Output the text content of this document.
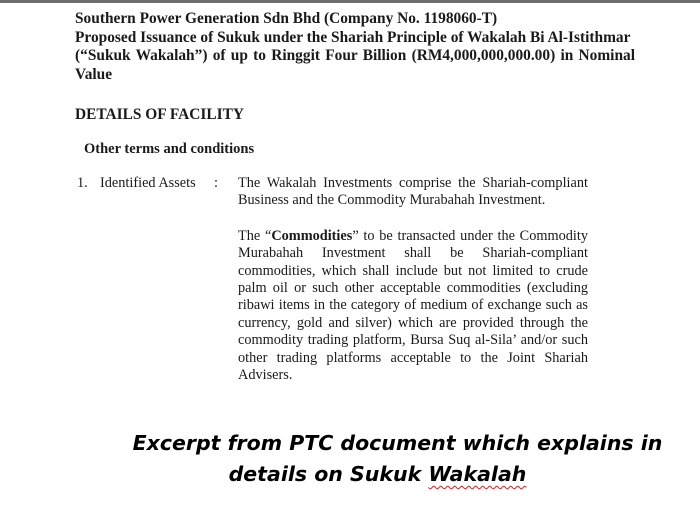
Southern Power Generation Sdn Bhd (Company No. 1198060-T)
Proposed Issuance of Sukuk under the Shariah Principle of Wakalah Bi Al-Istithmar
(“Sukuk Wakalah”) of up to Ringgit Four Billion (RM4,000,000,000.00) in Nominal
Value

DETAILS OF FACILITY

Other terms and conditions

1. Identified Assets : The Wakalah Investments comprise the Shariah-compliant Business and the Commodity Murabahah Investment.

The “Commodities” to be transacted under the Commodity Murabahah Investment shall be Shariah-compliant commodities, which shall include but not limited to crude palm oil or such other acceptable commodities (excluding ribawi items in the category of medium of exchange such as currency, gold and silver) which are provided through the commodity trading platform, Bursa Suq al-Sila’ and/or such other trading platforms acceptable to the Joint Shariah Advisers.

Excerpt from PTC document which explains in
details on Sukuk Wakalah
